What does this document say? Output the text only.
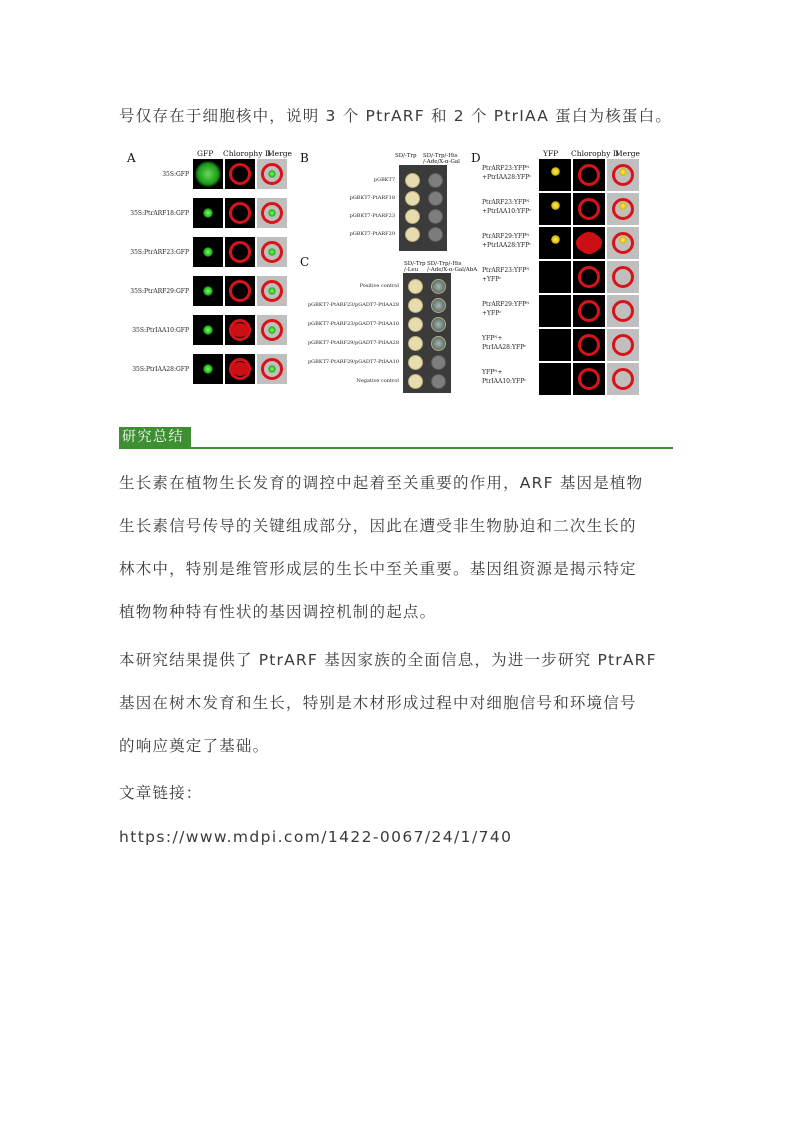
号仅存在于细胞核中，说明 3 个 PtrARF 和 2 个 PtrIAA 蛋白为核蛋白。
A	GFP Chlorophy II
Merge
35S:GFP
35S:PtrARF18:GFP
35S:PtrARF23:GFP
35S:PtrARF29:GFP
35S:PtrIAA10:GFP
35S:PtrIAA28:GFP
B	SD/-Trp SD/-Trp/-His
/-Ade/X-α-Gal
pGBKT7
pGBKT7-PtARF18
pGBKT7-PtARF23
pGBKT7-PtARF29
C	SD/-Trp
/-Leu
SD/-Trp/-His
/-Ade/X-α-Gal/AbA
Positive control
pGBKT7-PtARF23/pGADT7-PtIAA28
pGBKT7-PtARF23/pGADT7-PtIAA10
pGBKT7-PtARF29/pGADT7-PtIAA28
pGBKT7-PtARF29/pGADT7-PtIAA10
Negative control
D	YFP Chlorophy II
Merge
PtrARF23:YFPᴺ
+PtrIAA28:YFPᶜ
PtrARF23:YFPᴺ
+PtrIAA10:YFPᶜ
PtrARF29:YFPᴺ
+PtrIAA28:YFPᶜ
PtrARF23:YFPᴺ
+YFPᶜ
PtrARF29:YFPᴺ
+YFPᶜ
YFPᴺ+
PtrIAA28:YFPᶜ
YFPᴺ+
PtrIAA10:YFPᶜ
研究总结
生长素在植物生长发育的调控中起着至关重要的作用，ARF 基因是植物
生长素信号传导的关键组成部分，因此在遭受非生物胁迫和二次生长的
林木中，特别是维管形成层的生长中至关重要。基因组资源是揭示特定
植物物种特有性状的基因调控机制的起点。
本研究结果提供了 PtrARF 基因家族的全面信息，为进一步研究 PtrARF
基因在树木发育和生长，特别是木材形成过程中对细胞信号和环境信号
的响应奠定了基础。
文章链接：
https://www.mdpi.com/1422-0067/24/1/740
